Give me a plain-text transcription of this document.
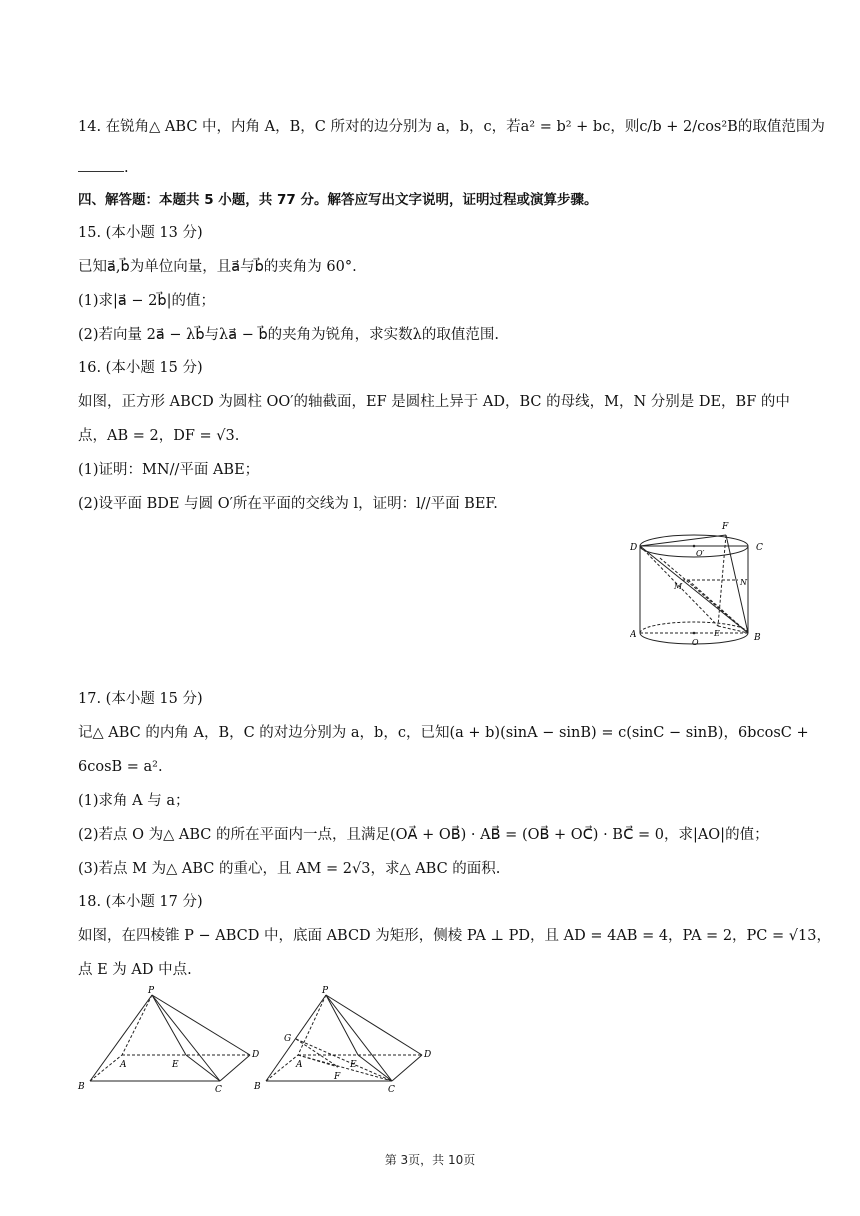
14. 在锐角△ ABC 中，内角 A，B，C 所对的边分别为 a，b，c，若a² = b² + bc，则c/b + 2/cos²B的取值范围为
.
四、解答题：本题共 5 小题，共 77 分。解答应写出文字说明，证明过程或演算步骤。
15. (本小题 13 分)
已知a⃗,b⃗为单位向量，且a⃗与b⃗的夹角为 60°.
(1)求|a⃗ − 2b⃗|的值；
(2)若向量 2a⃗ − λb⃗与λa⃗ − b⃗的夹角为锐角，求实数λ的取值范围.
16. (本小题 15 分)
如图，正方形 ABCD 为圆柱 OO′的轴截面，EF 是圆柱上异于 AD，BC 的母线，M，N 分别是 DE，BF 的中
点，AB = 2，DF = √3.
(1)证明：MN//平面 ABE；
(2)设平面 BDE 与圆 O′所在平面的交线为 l，证明：l//平面 BEF.
D	C
F
O′
N
M
E
A
O	B
17. (本小题 15 分)
记△ ABC 的内角 A，B，C 的对边分别为 a，b，c，已知(a + b)(sinA − sinB) = c(sinC − sinB)，6bcosC +
6cosB = a².
(1)求角 A 与 a；
(2)若点 O 为△ ABC 的所在平面内一点，且满足(OA⃗ + OB⃗) · AB⃗ = (OB⃗ + OC⃗) · BC⃗ = 0，求|AO|的值；
(3)若点 M 为△ ABC 的重心，且 AM = 2√3，求△ ABC 的面积.
18. (本小题 17 分)
如图，在四棱锥 P − ABCD 中，底面 ABCD 为矩形，侧棱 PA ⊥ PD，且 AD = 4AB = 4，PA = 2，PC = √13，
点 E 为 AD 中点.
P
A	E
D
B	C
P
G
A	E
D
F
B	C
第 3页，共 10页
